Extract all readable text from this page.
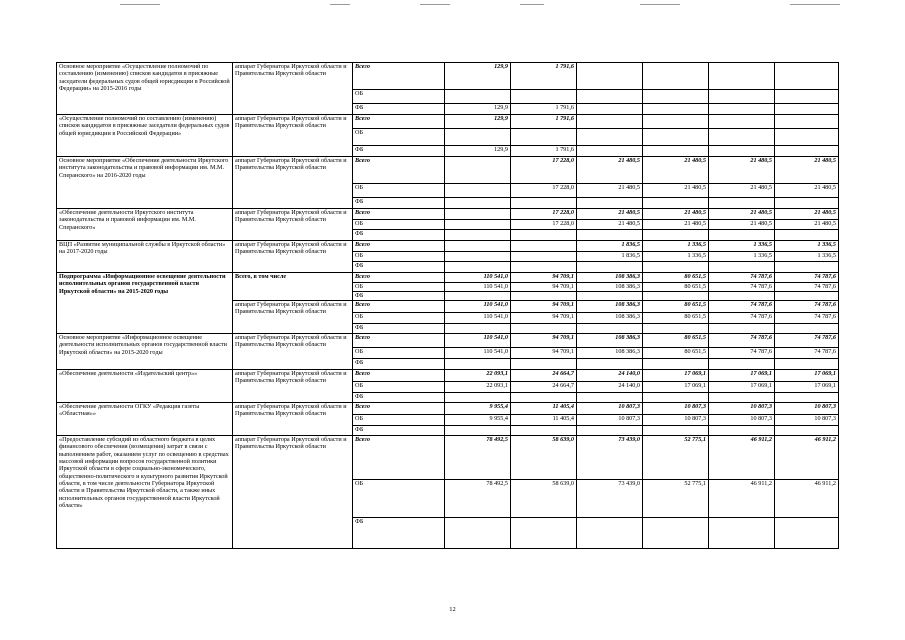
Основное мероприятие «Осуществление полномочий по составлению (изменению) списков кандидатов в присяжные заседатели федеральных судов общей юрисдикции в Российской Федерации» на 2015-2016 годы	аппарат Губернатора Иркутской области и Правительства Иркутской области	Всего	129,9	1 791,6				
		ОБ						
		ФБ	129,9	1 791,6				
«Осуществление полномочий по составлению (изменению) списков кандидатов в присяжные заседатели федеральных судов общей юрисдикции в Российской Федерации»	аппарат Губернатора Иркутской области и Правительства Иркутской области	Всего	129,9	1 791,6				
		ОБ						
		ФБ	129,9	1 791,6				
Основное мероприятие «Обеспечение деятельности Иркутского института законодательства и правовой информации им. М.М. Сперанского» на 2016-2020 годы	аппарат Губернатора Иркутской области и Правительства Иркутской области	Всего		17 228,0	21 480,5	21 480,5	21 480,5	21 480,5
		ОБ		17 228,0	21 480,5	21 480,5	21 480,5	21 480,5
		ФБ						
«Обеспечение деятельности Иркутского института законодательства и правовой информации им. М.М. Сперанского»	аппарат Губернатора Иркутской области и Правительства Иркутской области	Всего		17 228,0	21 480,5	21 480,5	21 480,5	21 480,5
		ОБ		17 228,0	21 480,5	21 480,5	21 480,5	21 480,5
		ФБ						
ВЦП «Развитие муниципальной службы в Иркутской области» на 2017-2020 годы	аппарат Губернатора Иркутской области и Правительства Иркутской области	Всего			1 836,5	1 336,5	1 336,5	1 336,5
		ОБ			1 836,5	1 336,5	1 336,5	1 336,5
		ФБ						
Подпрограмма «Информационное освещение деятельности исполнительных органов государственной власти Иркутской области» на 2015-2020 годы	Всего, в том числе	Всего	110 541,0	94 709,1	108 386,3	80 651,5	74 787,6	74 787,6
		ОБ	110 541,0	94 709,1	108 386,3	80 651,5	74 787,6	74 787,6
		ФБ						
	аппарат Губернатора Иркутской области и Правительства Иркутской области	Всего	110 541,0	94 709,1	108 386,3	80 651,5	74 787,6	74 787,6
		ОБ	110 541,0	94 709,1	108 386,3	80 651,5	74 787,6	74 787,6
		ФБ						
Основное мероприятие «Информационное освещение деятельности исполнительных органов государственной власти Иркутской области» на 2015-2020 годы	аппарат Губернатора Иркутской области и Правительства Иркутской области	Всего	110 541,0	94 709,1	108 386,3	80 651,5	74 787,6	74 787,6
		ОБ	110 541,0	94 709,1	108 386,3	80 651,5	74 787,6	74 787,6
		ФБ						
«Обеспечение деятельности «Издательский центр»»	аппарат Губернатора Иркутской области и Правительства Иркутской области	Всего	22 093,1	24 664,7	24 140,0	17 069,1	17 069,1	17 069,1
		ОБ	22 093,1	24 664,7	24 140,0	17 069,1	17 069,1	17 069,1
		ФБ						
«Обеспечение деятельности ОГКУ «Редакция газеты «Областная»»	аппарат Губернатора Иркутской области и Правительства Иркутской области	Всего	9 955,4	11 405,4	10 807,3	10 807,3	10 807,3	10 807,3
		ОБ	9 955,4	11 405,4	10 807,3	10 807,3	10 807,3	10 807,3
		ФБ						
«Предоставление субсидий из областного бюджета в целях финансового обеспечения (возмещения) затрат в связи с выполнением работ, оказанием услуг по освещению в средствах массовой информации вопросов государственной политики Иркутской области в сфере социально-экономического, общественно-политического и культурного развития Иркутской области, в том числе деятельности Губернатора Иркутской области и Правительства Иркутской области, а также иных исполнительных органов государственной власти Иркутской области»	аппарат Губернатора Иркутской области и Правительства Иркутской области	Всего	78 492,5	58 639,0	73 439,0	52 775,1	46 911,2	46 911,2
		ОБ	78 492,5	58 639,0	73 439,0	52 775,1	46 911,2	46 911,2
		ФБ						
12
